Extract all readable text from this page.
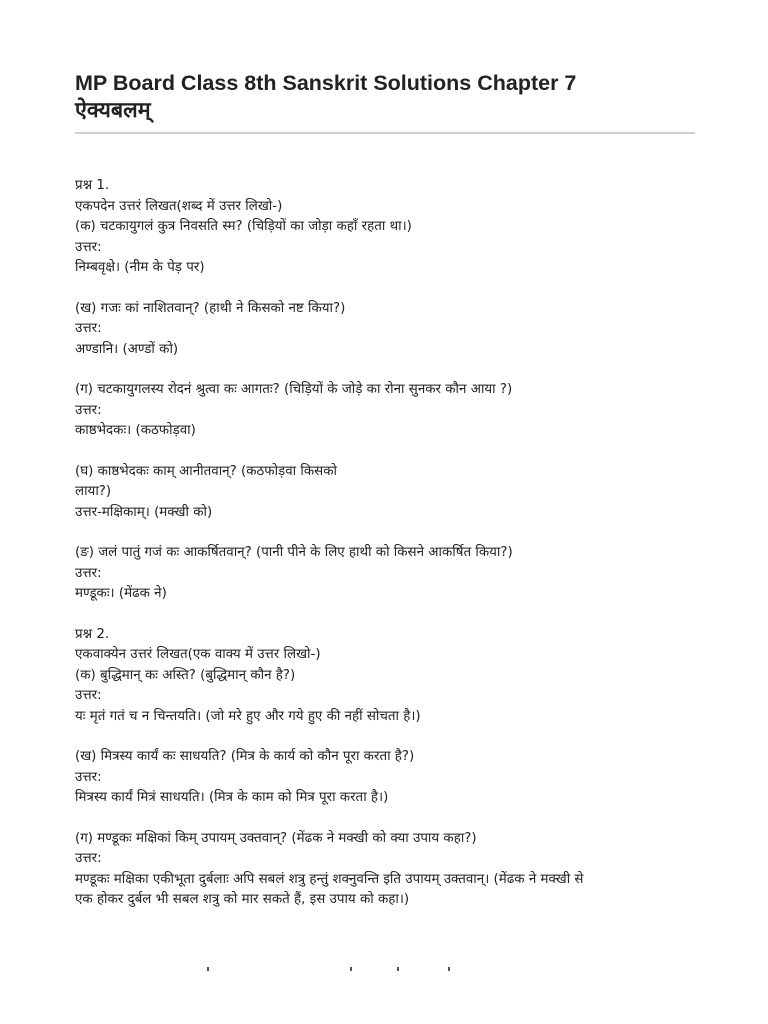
MP Board Class 8th Sanskrit Solutions Chapter 7
ऐक्यबलम्
प्रश्न 1.
एकपदेन उत्तरं लिखत(शब्द में उत्तर लिखो-)
(क) चटकायुगलं कुत्र निवसति स्म? (चिड़ियों का जोड़ा कहाँ रहता था।)
उत्तर:
निम्बवृक्षे। (नीम के पेड़ पर)
(ख) गजः कां नाशितवान्? (हाथी ने किसको नष्ट किया?)
उत्तर:
अण्डानि। (अण्डों को)
(ग) चटकायुगलस्य रोदनं श्रुत्वा कः आगतः? (चिड़ियों के जोड़े का रोना सुनकर कौन आया ?)
उत्तर:
काष्ठभेदकः। (कठफोड़वा)
(घ) काष्ठभेदकः काम् आनीतवान्? (कठफोड़वा किसको
लाया?)
उत्तर-मक्षिकाम्। (मक्खी को)
(ङ) जलं पातुं गजं कः आकर्षितवान्? (पानी पीने के लिए हाथी को किसने आकर्षित किया?)
उत्तर:
मण्डूकः। (मेंढक ने)
प्रश्न 2.
एकवाक्येन उत्तरं लिखत(एक वाक्य में उत्तर लिखो-)
(क) बुद्धिमान् कः अस्ति? (बुद्धिमान् कौन है?)
उत्तर:
यः मृतं गतं च न चिन्तयति। (जो मरे हुए और गये हुए की नहीं सोचता है।)
(ख) मित्रस्य कार्यं कः साधयति? (मित्र के कार्य को कौन पूरा करता है?)
उत्तर:
मित्रस्य कार्यं मित्रं साधयति। (मित्र के काम को मित्र पूरा करता है।)
(ग) मण्डूकः मक्षिकां किम् उपायम् उक्तवान्? (मेंढक ने मक्खी को क्या उपाय कहा?)
उत्तर:
मण्डूकः मक्षिका एकीभूता दुर्बलाः अपि सबलं शत्रु हन्तुं शक्नुवन्ति इति उपायम् उक्तवान्। (मेंढक ने मक्खी से
एक होकर दुर्बल भी सबल शत्रु को मार सकते हैं, इस उपाय को कहा।)
